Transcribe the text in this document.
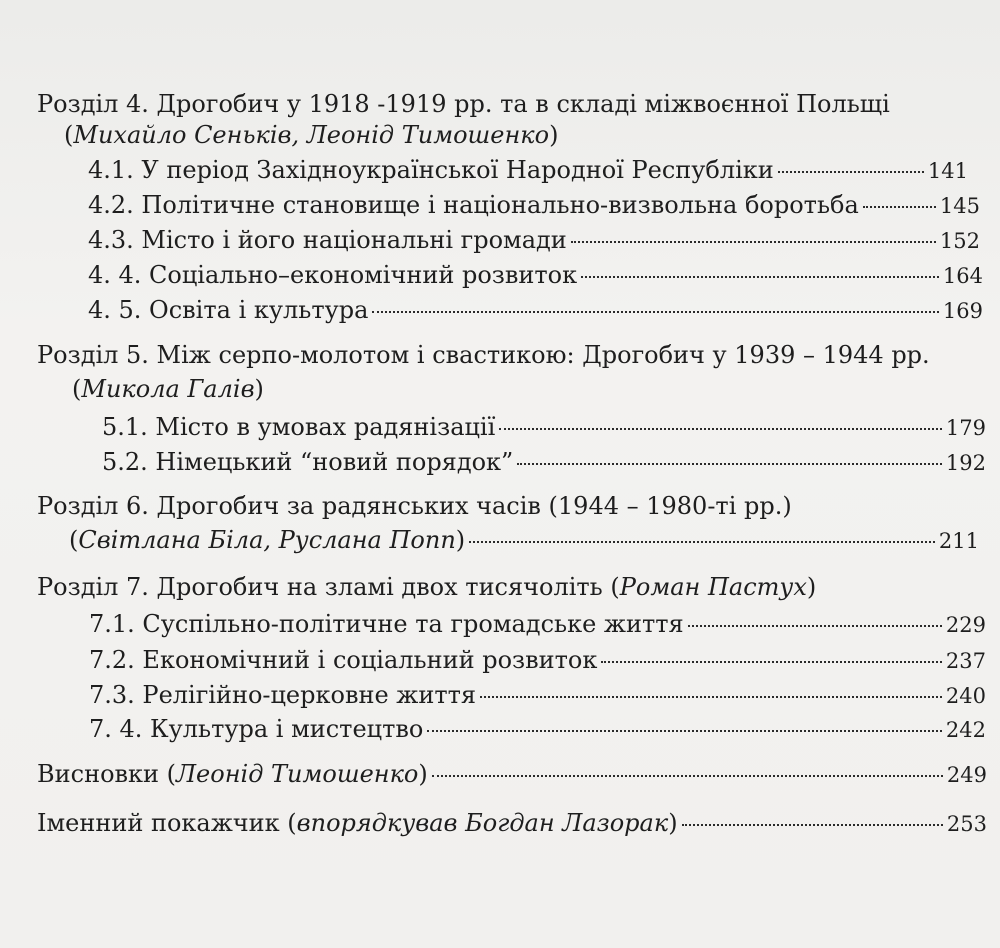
Розділ 4. Дрогобич у 1918 -1919 рр. та в складі міжвоєнної Польщі
( Михайло Сеньків, Леонід Тимошенко )
4.1. У період Західноукраїнської Народної Республіки	141
4.2. Політичне становище і національно-визвольна боротьба	145
4.3. Місто і його національні громади	152
4. 4. Соціально–економічний розвиток	164
4. 5. Освіта і культура	169
Розділ 5. Між серпо-молотом і свастикою: Дрогобич у 1939 – 1944 рр.
( Микола Галів )
5.1. Місто в умовах радянізації	179
5.2. Німецький “новий порядок”	192
Розділ 6. Дрогобич за радянських часів (1944 – 1980-ті рр.)
( Світлана Біла, Руслана Попп )	211
Розділ 7. Дрогобич на зламі двох тисячоліть ( Роман Пастух )
7.1. Суспільно-політичне та громадське життя	229
7.2. Економічний і соціальний розвиток	237
7.3. Релігійно-церковне життя	240
7. 4. Культура і мистецтво	242
Висновки ( Леонід Тимошенко )	249
Іменний покажчик ( впорядкував Богдан Лазорак )	253
